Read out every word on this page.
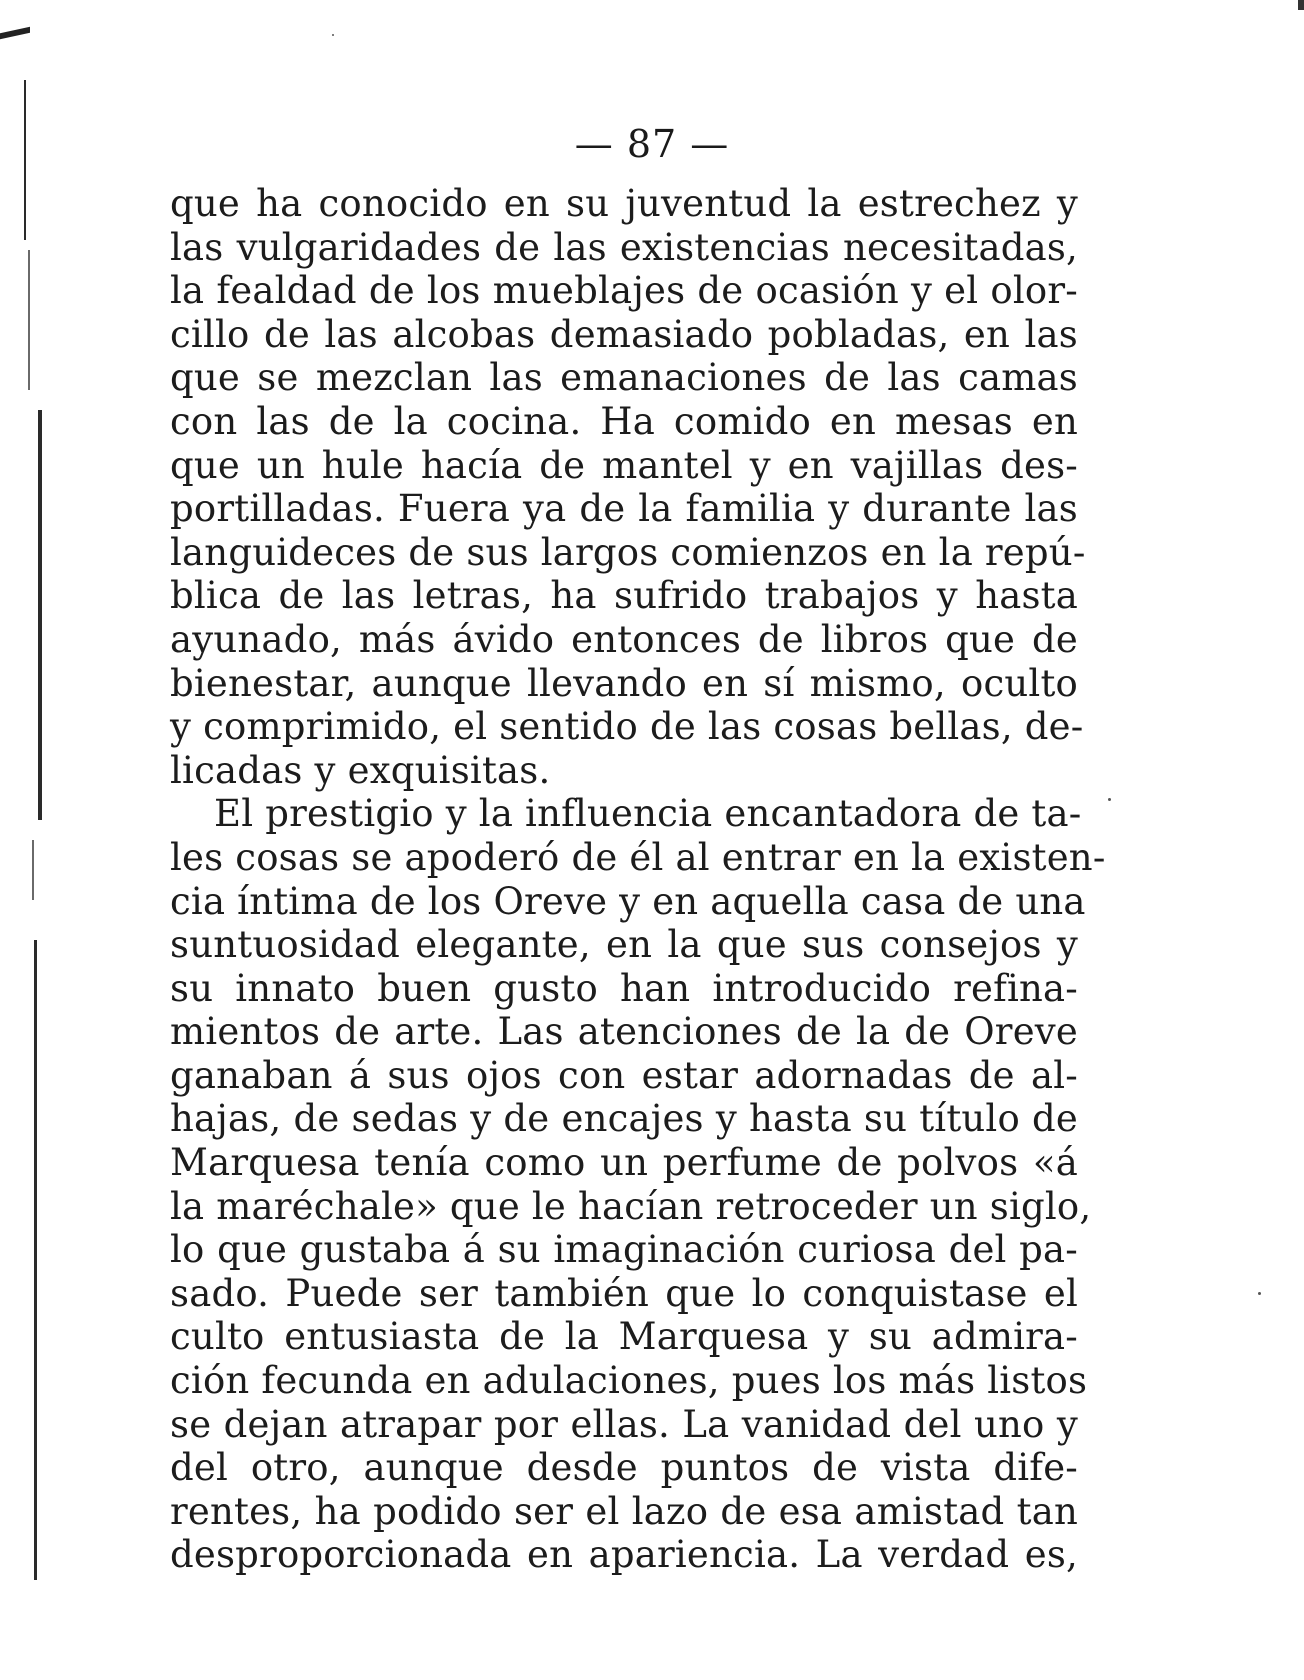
— 87 —
que ha conocido en su juventud la estrechez y
las vulgaridades de las existencias necesitadas,
la fealdad de los mueblajes de ocasión y el olor-
cillo de las alcobas demasiado pobladas, en las
que se mezclan las emanaciones de las camas
con las de la cocina. Ha comido en mesas en
que un hule hacía de mantel y en vajillas des-
portilladas. Fuera ya de la familia y durante las
languideces de sus largos comienzos en la repú-
blica de las letras, ha sufrido trabajos y hasta
ayunado, más ávido entonces de libros que de
bienestar, aunque llevando en sí mismo, oculto
y comprimido, el sentido de las cosas bellas, de-
licadas y exquisitas.
El prestigio y la influencia encantadora de ta-
les cosas se apoderó de él al entrar en la existen-
cia íntima de los Oreve y en aquella casa de una
suntuosidad elegante, en la que sus consejos y
su innato buen gusto han introducido refina-
mientos de arte. Las atenciones de la de Oreve
ganaban á sus ojos con estar adornadas de al-
hajas, de sedas y de encajes y hasta su título de
Marquesa tenía como un perfume de polvos «á
la maréchale» que le hacían retroceder un siglo,
lo que gustaba á su imaginación curiosa del pa-
sado. Puede ser también que lo conquistase el
culto entusiasta de la Marquesa y su admira-
ción fecunda en adulaciones, pues los más listos
se dejan atrapar por ellas. La vanidad del uno y
del otro, aunque desde puntos de vista dife-
rentes, ha podido ser el lazo de esa amistad tan
desproporcionada en apariencia. La verdad es,
